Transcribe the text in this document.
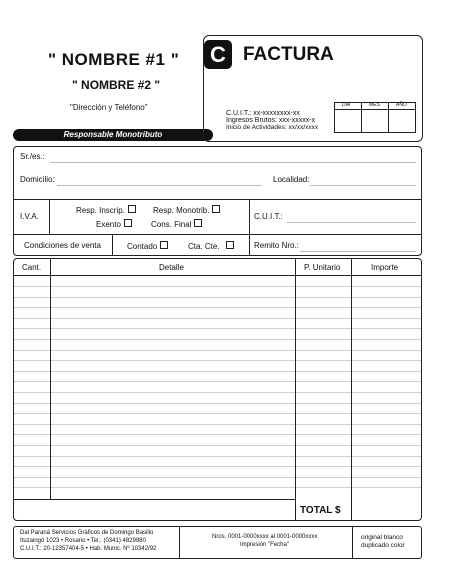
" NOMBRE #1 "
" NOMBRE #2 "
"Dirección y Teléfono"
Responsable Monotributo
C FACTURA
C.U.I.T.: xx-xxxxxxxx-xx
Ingresos Brutos: xxx-xxxxx-x
Inicio de Actividades: xx/xx/xxxx
DIA	MES	AÑO
Sr./es.:
Domicilio:	Localidad:
I.V.A.
Resp. Inscrip.	Resp. Monotrib.
Exento	Cons. Final
C.U.I.T.:
Condiciones de venta	Contado	Cta. Cte.	Remito Nro.:
Cant.	Detalle	P. Unitario	Importe
TOTAL $
Dal Paraná Servicios Gráficos de Domingo Basilio
Ituzaingó 1023 • Rosario • Tel.: (0341) 4829980
C.U.I.T.: 20-12357404-5 • Hab. Munic. Nº 10342/92
Nros. 0001-0000xxxx al 0001-0000xxxx
Impresión "Fecha"
original blanco
duplicado color
